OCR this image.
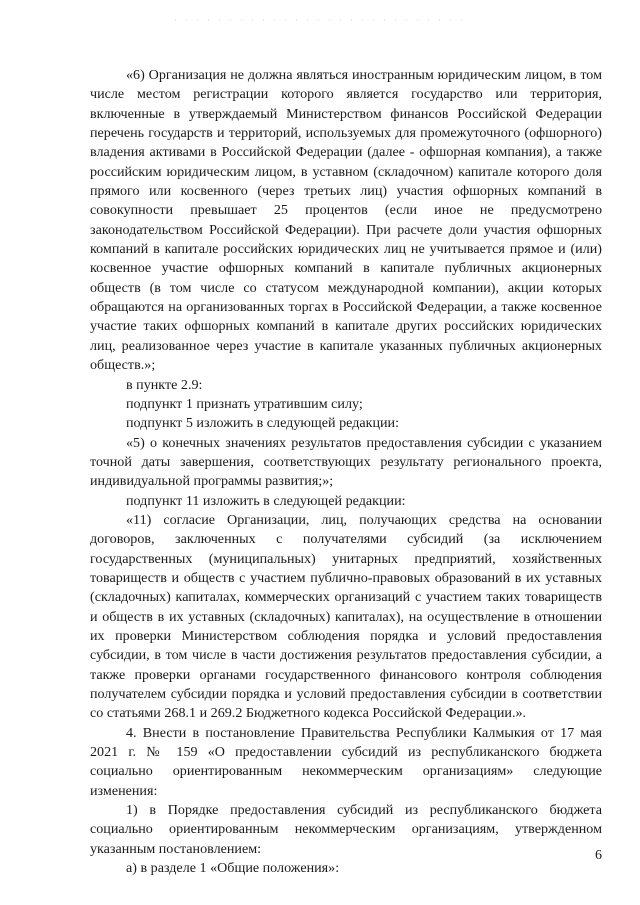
«6) Организация не должна являться иностранным юридическим лицом, в том числе местом регистрации которого является государство или территория, включенные в утверждаемый Министерством финансов Российской Федерации перечень государств и территорий, используемых для промежуточного (офшорного) владения активами в Российской Федерации (далее - офшорная компания), а также российским юридическим лицом, в уставном (складочном) капитале которого доля прямого или косвенного (через третьих лиц) участия офшорных компаний в совокупности превышает 25 процентов (если иное не предусмотрено законодательством Российской Федерации). При расчете доли участия офшорных компаний в капитале российских юридических лиц не учитывается прямое и (или) косвенное участие офшорных компаний в капитале публичных акционерных обществ (в том числе со статусом международной компании), акции которых обращаются на организованных торгах в Российской Федерации, а также косвенное участие таких офшорных компаний в капитале других российских юридических лиц, реализованное через участие в капитале указанных публичных акционерных обществ.»;

в пункте 2.9:

подпункт 1 признать утратившим силу;

подпункт 5 изложить в следующей редакции:

«5) о конечных значениях результатов предоставления субсидии с указанием точной даты завершения, соответствующих результату регионального проекта, индивидуальной программы развития;»;

подпункт 11 изложить в следующей редакции:

«11) согласие Организации, лиц, получающих средства на основании договоров, заключенных с получателями субсидий (за исключением государственных (муниципальных) унитарных предприятий, хозяйственных товариществ и обществ с участием публично-правовых образований в их уставных (складочных) капиталах, коммерческих организаций с участием таких товариществ и обществ в их уставных (складочных) капиталах), на осуществление в отношении их проверки Министерством соблюдения порядка и условий предоставления субсидии, в том числе в части достижения результатов предоставления субсидии, а также проверки органами государственного финансового контроля соблюдения получателем субсидии порядка и условий предоставления субсидии в соответствии со статьями 268.1 и 269.2 Бюджетного кодекса Российской Федерации.».

4. Внести в постановление Правительства Республики Калмыкия от 17 мая 2021 г. № 159 «О предоставлении субсидий из республиканского бюджета социально ориентированным некоммерческим организациям» следующие изменения:

1) в Порядке предоставления субсидий из республиканского бюджета социально ориентированным некоммерческим организациям, утвержденном указанным постановлением:

а) в разделе 1 «Общие положения»:

6
